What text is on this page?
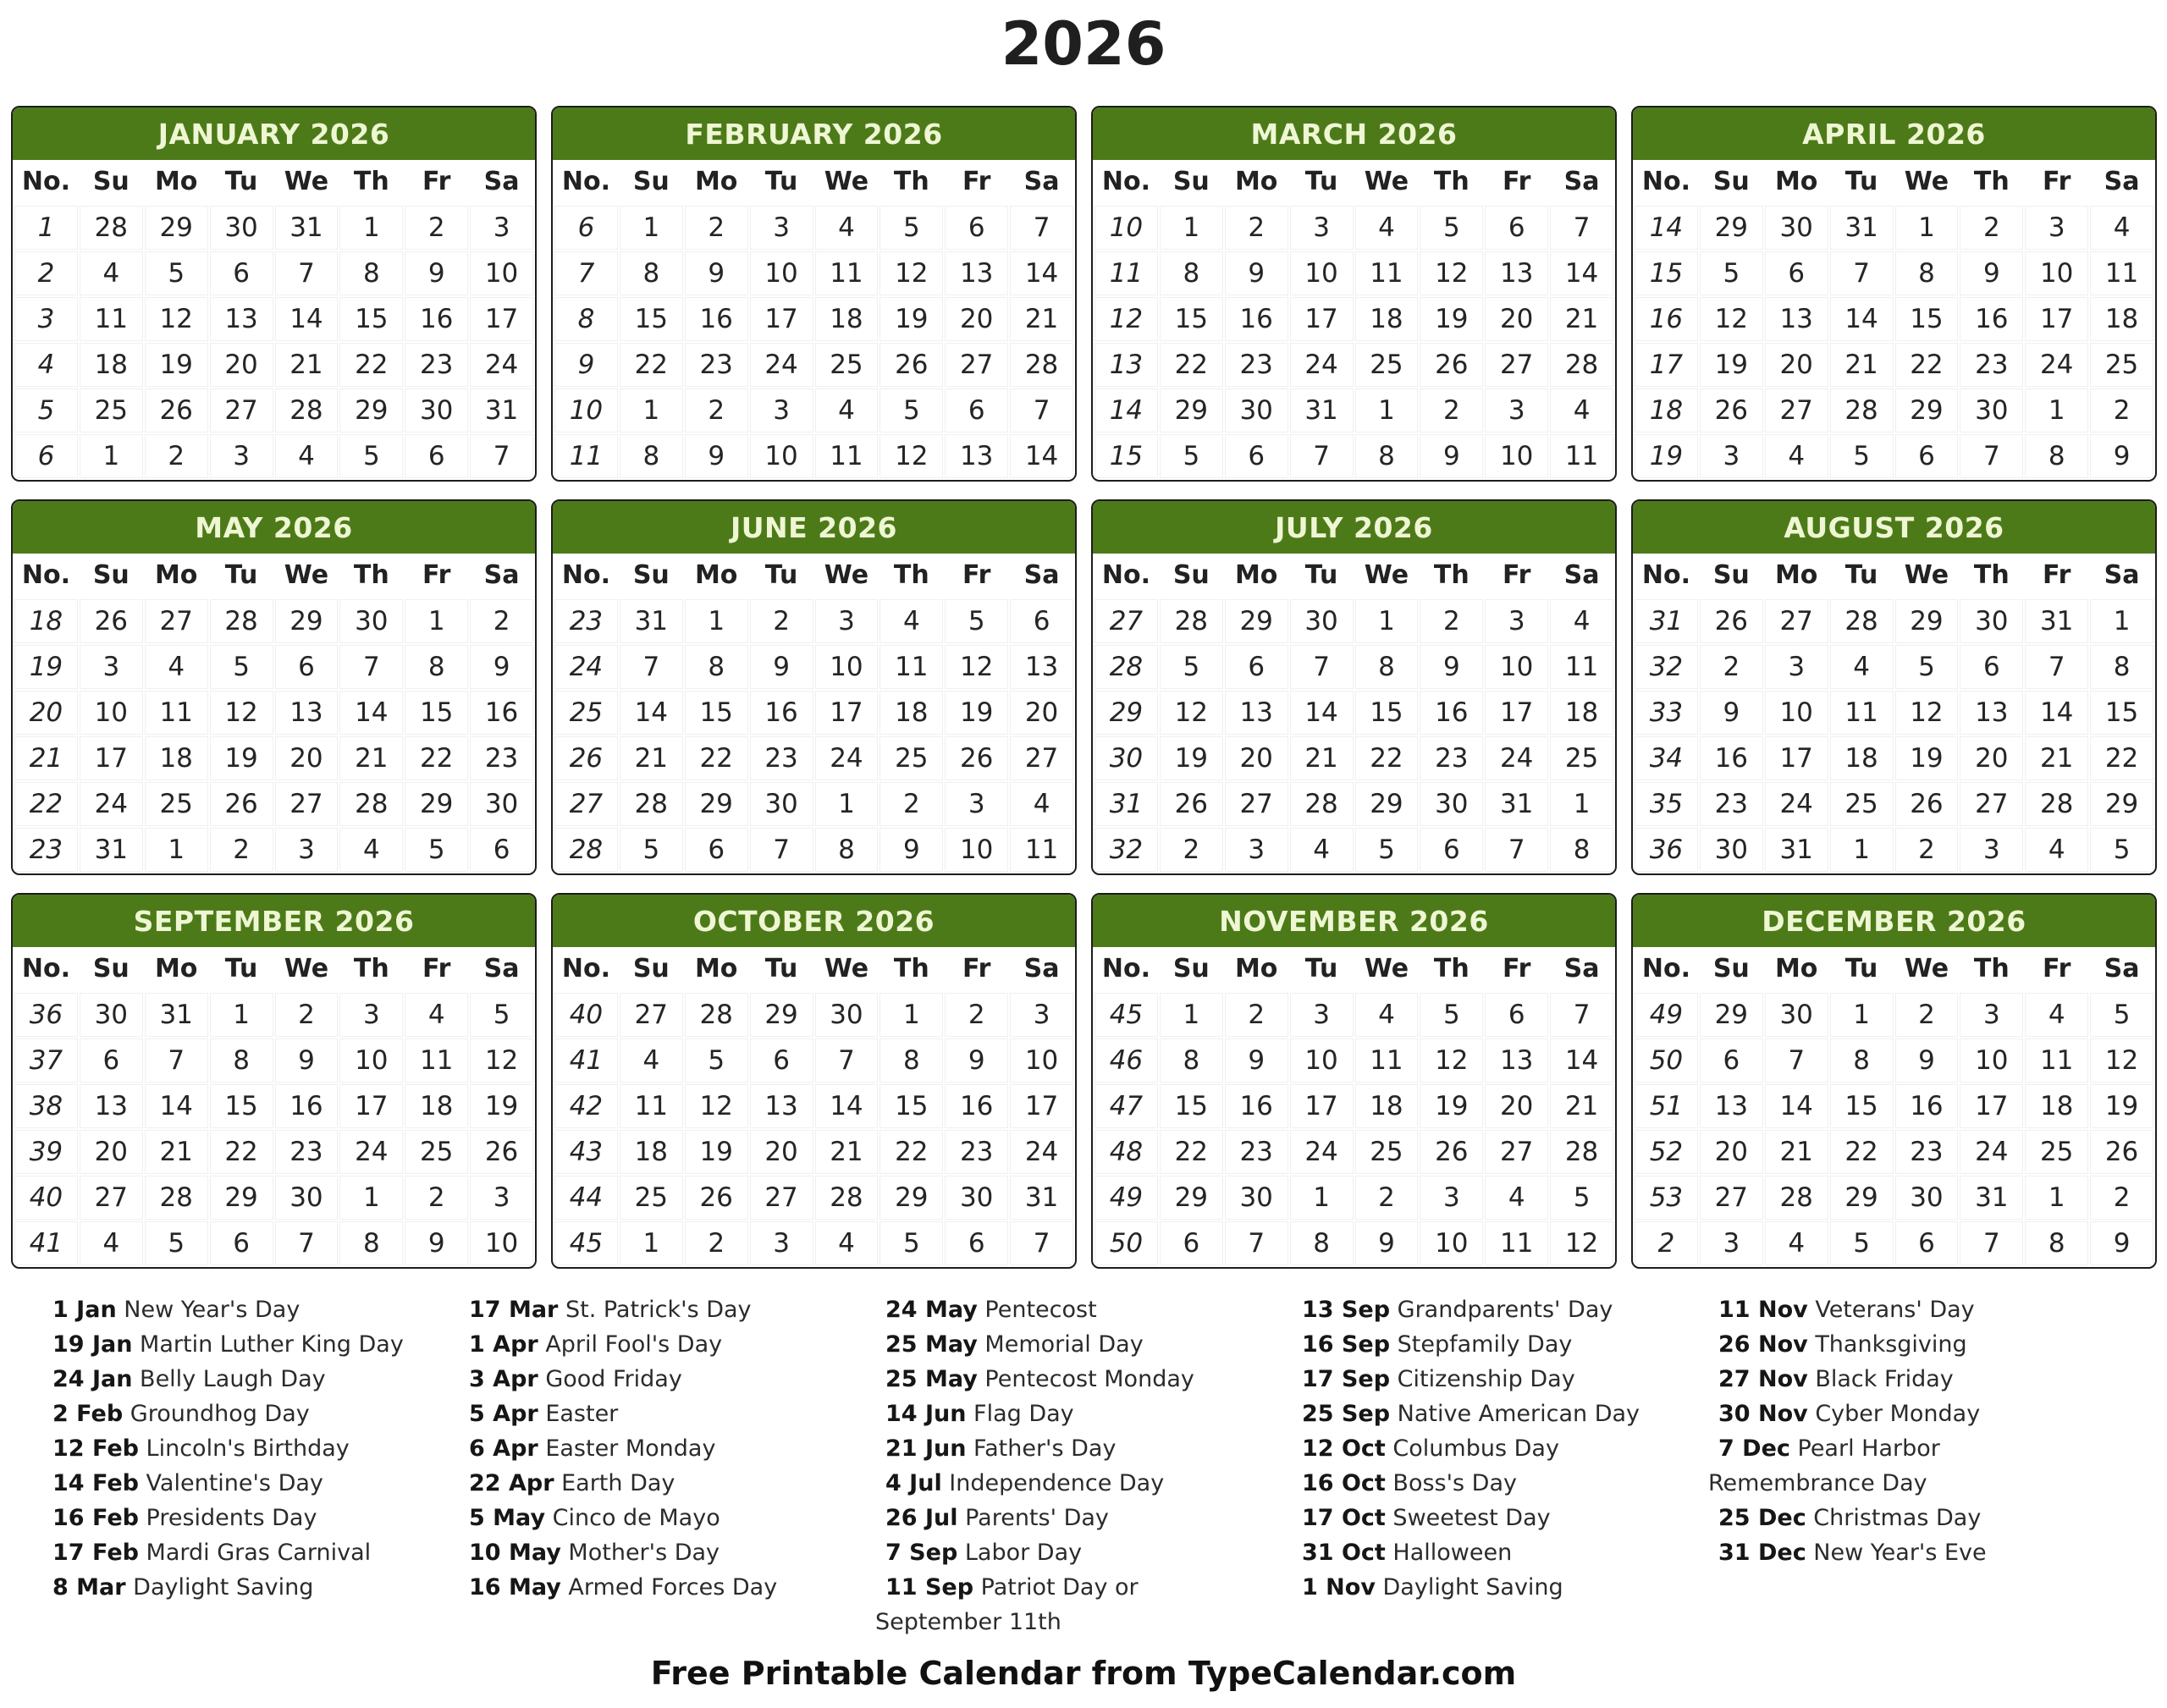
2026
JANUARY 2026
No.	Su	Mo	Tu	We	Th	Fr	Sa
1	28	29	30	31	1	2	3
2	4	5	6	7	8	9	10
3	11	12	13	14	15	16	17
4	18	19	20	21	22	23	24
5	25	26	27	28	29	30	31
6	1	2	3	4	5	6	7
FEBRUARY 2026
No.	Su	Mo	Tu	We	Th	Fr	Sa
6	1	2	3	4	5	6	7
7	8	9	10	11	12	13	14
8	15	16	17	18	19	20	21
9	22	23	24	25	26	27	28
10	1	2	3	4	5	6	7
11	8	9	10	11	12	13	14
MARCH 2026
No.	Su	Mo	Tu	We	Th	Fr	Sa
10	1	2	3	4	5	6	7
11	8	9	10	11	12	13	14
12	15	16	17	18	19	20	21
13	22	23	24	25	26	27	28
14	29	30	31	1	2	3	4
15	5	6	7	8	9	10	11
APRIL 2026
No.	Su	Mo	Tu	We	Th	Fr	Sa
14	29	30	31	1	2	3	4
15	5	6	7	8	9	10	11
16	12	13	14	15	16	17	18
17	19	20	21	22	23	24	25
18	26	27	28	29	30	1	2
19	3	4	5	6	7	8	9
MAY 2026
No.	Su	Mo	Tu	We	Th	Fr	Sa
18	26	27	28	29	30	1	2
19	3	4	5	6	7	8	9
20	10	11	12	13	14	15	16
21	17	18	19	20	21	22	23
22	24	25	26	27	28	29	30
23	31	1	2	3	4	5	6
JUNE 2026
No.	Su	Mo	Tu	We	Th	Fr	Sa
23	31	1	2	3	4	5	6
24	7	8	9	10	11	12	13
25	14	15	16	17	18	19	20
26	21	22	23	24	25	26	27
27	28	29	30	1	2	3	4
28	5	6	7	8	9	10	11
JULY 2026
No.	Su	Mo	Tu	We	Th	Fr	Sa
27	28	29	30	1	2	3	4
28	5	6	7	8	9	10	11
29	12	13	14	15	16	17	18
30	19	20	21	22	23	24	25
31	26	27	28	29	30	31	1
32	2	3	4	5	6	7	8
AUGUST 2026
No.	Su	Mo	Tu	We	Th	Fr	Sa
31	26	27	28	29	30	31	1
32	2	3	4	5	6	7	8
33	9	10	11	12	13	14	15
34	16	17	18	19	20	21	22
35	23	24	25	26	27	28	29
36	30	31	1	2	3	4	5
SEPTEMBER 2026
No.	Su	Mo	Tu	We	Th	Fr	Sa
36	30	31	1	2	3	4	5
37	6	7	8	9	10	11	12
38	13	14	15	16	17	18	19
39	20	21	22	23	24	25	26
40	27	28	29	30	1	2	3
41	4	5	6	7	8	9	10
OCTOBER 2026
No.	Su	Mo	Tu	We	Th	Fr	Sa
40	27	28	29	30	1	2	3
41	4	5	6	7	8	9	10
42	11	12	13	14	15	16	17
43	18	19	20	21	22	23	24
44	25	26	27	28	29	30	31
45	1	2	3	4	5	6	7
NOVEMBER 2026
No.	Su	Mo	Tu	We	Th	Fr	Sa
45	1	2	3	4	5	6	7
46	8	9	10	11	12	13	14
47	15	16	17	18	19	20	21
48	22	23	24	25	26	27	28
49	29	30	1	2	3	4	5
50	6	7	8	9	10	11	12
DECEMBER 2026
No.	Su	Mo	Tu	We	Th	Fr	Sa
49	29	30	1	2	3	4	5
50	6	7	8	9	10	11	12
51	13	14	15	16	17	18	19
52	20	21	22	23	24	25	26
53	27	28	29	30	31	1	2
2	3	4	5	6	7	8	9

1 Jan New Year's Day

19 Jan Martin Luther King Day

24 Jan Belly Laugh Day

2 Feb Groundhog Day

12 Feb Lincoln's Birthday

14 Feb Valentine's Day

16 Feb Presidents Day

17 Feb Mardi Gras Carnival

8 Mar Daylight Saving

17 Mar St. Patrick's Day

1 Apr April Fool's Day

3 Apr Good Friday

5 Apr Easter

6 Apr Easter Monday

22 Apr Earth Day

5 May Cinco de Mayo

10 May Mother's Day

16 May Armed Forces Day

24 May Pentecost

25 May Memorial Day

25 May Pentecost Monday

14 Jun Flag Day

21 Jun Father's Day

4 Jul Independence Day

26 Jul Parents' Day

7 Sep Labor Day

11 Sep Patriot Day or September 11th

13 Sep Grandparents' Day

16 Sep Stepfamily Day

17 Sep Citizenship Day

25 Sep Native American Day

12 Oct Columbus Day

16 Oct Boss's Day

17 Oct Sweetest Day

31 Oct Halloween

1 Nov Daylight Saving

11 Nov Veterans' Day

26 Nov Thanksgiving

27 Nov Black Friday

30 Nov Cyber Monday

7 Dec Pearl Harbor Remembrance Day

25 Dec Christmas Day

31 Dec New Year's Eve

Free Printable Calendar from TypeCalendar.com
